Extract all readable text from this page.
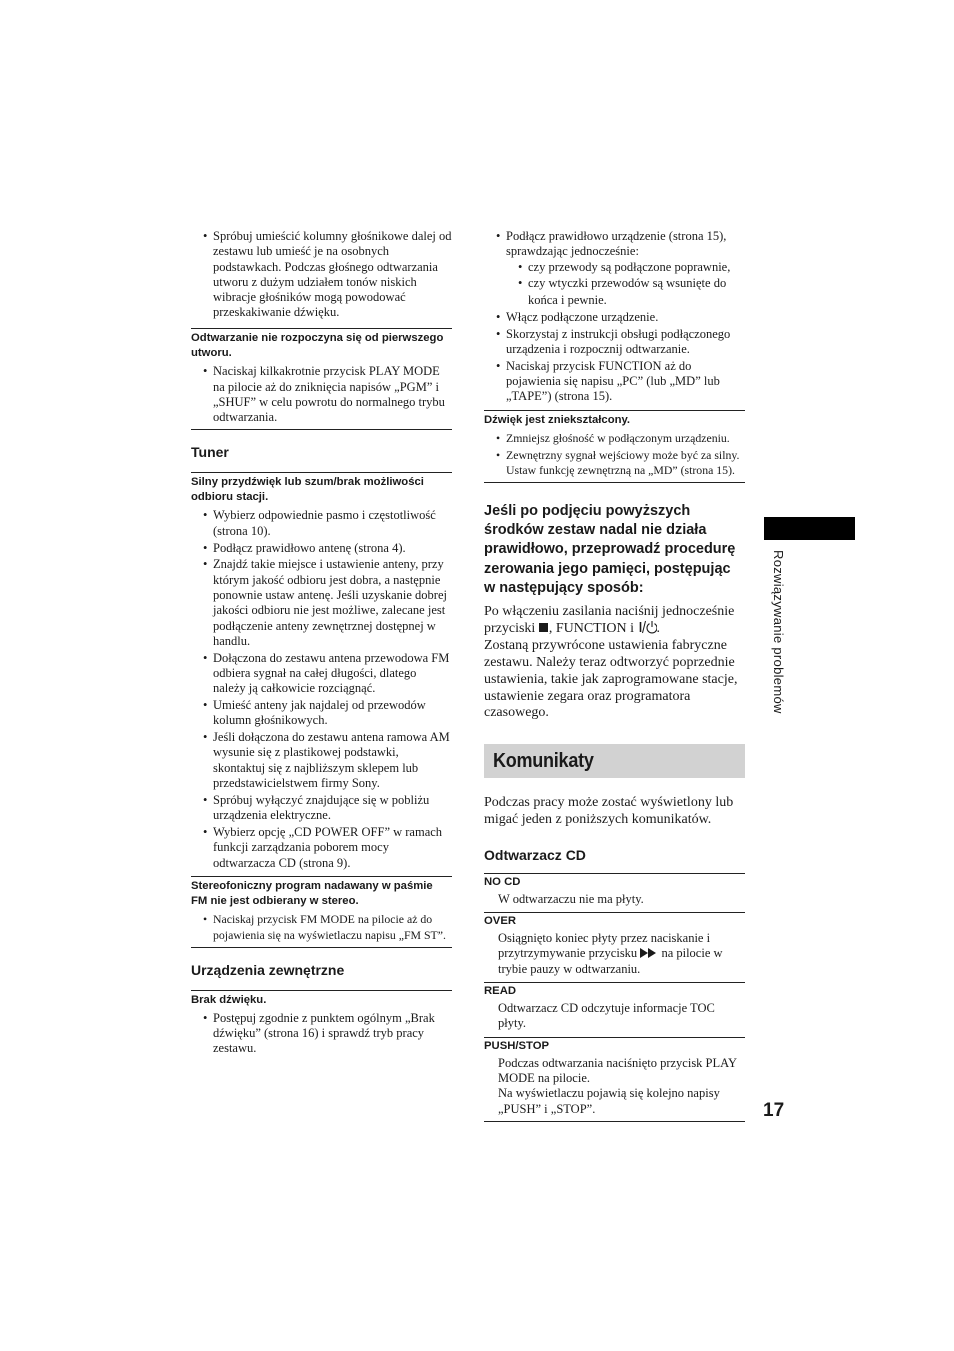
• Spróbuj umieścić kolumny głośnikowe dalej od zestawu lub umieść je na osobnych podstawkach. Podczas głośnego odtwarzania utworu z dużym udziałem tonów niskich wibracje głośników mogą powodować przeskakiwanie dźwięku.
Odtwarzanie nie rozpoczyna się od pierwszego utworu.
• Naciskaj kilkakrotnie przycisk PLAY MODE na pilocie aż do zniknięcia napisów „PGM” i „SHUF” w celu powrotu do normalnego trybu odtwarzania.
Tuner
Silny przydźwięk lub szum/brak możliwości odbioru stacji.
• Wybierz odpowiednie pasmo i częstotliwość (strona 10).
• Podłącz prawidłowo antenę (strona 4).
• Znajdź takie miejsce i ustawienie anteny, przy którym jakość odbioru jest dobra, a następnie ponownie ustaw antenę. Jeśli uzyskanie dobrej jakości odbioru nie jest możliwe, zalecane jest podłączenie anteny zewnętrznej dostępnej w handlu.
• Dołączona do zestawu antena przewodowa FM odbiera sygnał na całej długości, dlatego należy ją całkowicie rozciągnąć.
• Umieść anteny jak najdalej od przewodów kolumn głośnikowych.
• Jeśli dołączona do zestawu antena ramowa AM wysunie się z plastikowej podstawki, skontaktuj się z najbliższym sklepem lub przedstawicielstwem firmy Sony.
• Spróbuj wyłączyć znajdujące się w pobliżu urządzenia elektryczne.
• Wybierz opcję „CD POWER OFF” w ramach funkcji zarządzania poborem mocy odtwarzacza CD (strona 9).
Stereofoniczny program nadawany w paśmie FM nie jest odbierany w stereo.
• Naciskaj przycisk FM MODE na pilocie aż do pojawienia się na wyświetlaczu napisu „FM ST”.
Urządzenia zewnętrzne
Brak dźwięku.
• Postępuj zgodnie z punktem ogólnym „Brak dźwięku” (strona 16) i sprawdź tryb pracy zestawu.
• Podłącz prawidłowo urządzenie (strona 15), sprawdzając jednocześnie:
• czy przewody są podłączone poprawnie,
• czy wtyczki przewodów są wsunięte do
końca i pewnie.
• Włącz podłączone urządzenie.
• Skorzystaj z instrukcji obsługi podłączonego urządzenia i rozpocznij odtwarzanie.
• Naciskaj przycisk FUNCTION aż do pojawienia się napisu „PC” (lub „MD” lub „TAPE”) (strona 15).
Dźwięk jest zniekształcony.
• Zmniejsz głośność w podłączonym urządzeniu.
• Zewnętrzny sygnał wejściowy może być za silny. Ustaw funkcję zewnętrzną na „MD” (strona 15).
Jeśli po podjęciu powyższych środków zestaw nadal nie działa prawidłowo, przeprowadź procedurę zerowania jego pamięci, postępując w następujący sposób:

Po włączeniu zasilania naciśnij jednocześnie przyciski , FUNCTION i .

Zostaną przywrócone ustawienia fabryczne zestawu. Należy teraz odtworzyć poprzednie ustawienia, takie jak zaprogramowane stacje, ustawienie zegara oraz programatora czasowego.

Komunikaty

Podczas pracy może zostać wyświetlony lub migać jeden z poniższych komunikatów.

Odtwarzacz CD
NO CD
W odtwarzaczu nie ma płyty.
OVER
Osiągnięto koniec płyty przez naciskanie i przytrzymywanie przycisku  na pilocie w trybie pauzy w odtwarzaniu.
READ
Odtwarzacz CD odczytuje informacje TOC płyty.
PUSH/STOP
Podczas odtwarzania naciśnięto przycisk PLAY MODE na pilocie.
Na wyświetlaczu pojawią się kolejno napisy „PUSH” i „STOP”.
Rozwiązywanie problemów
17
